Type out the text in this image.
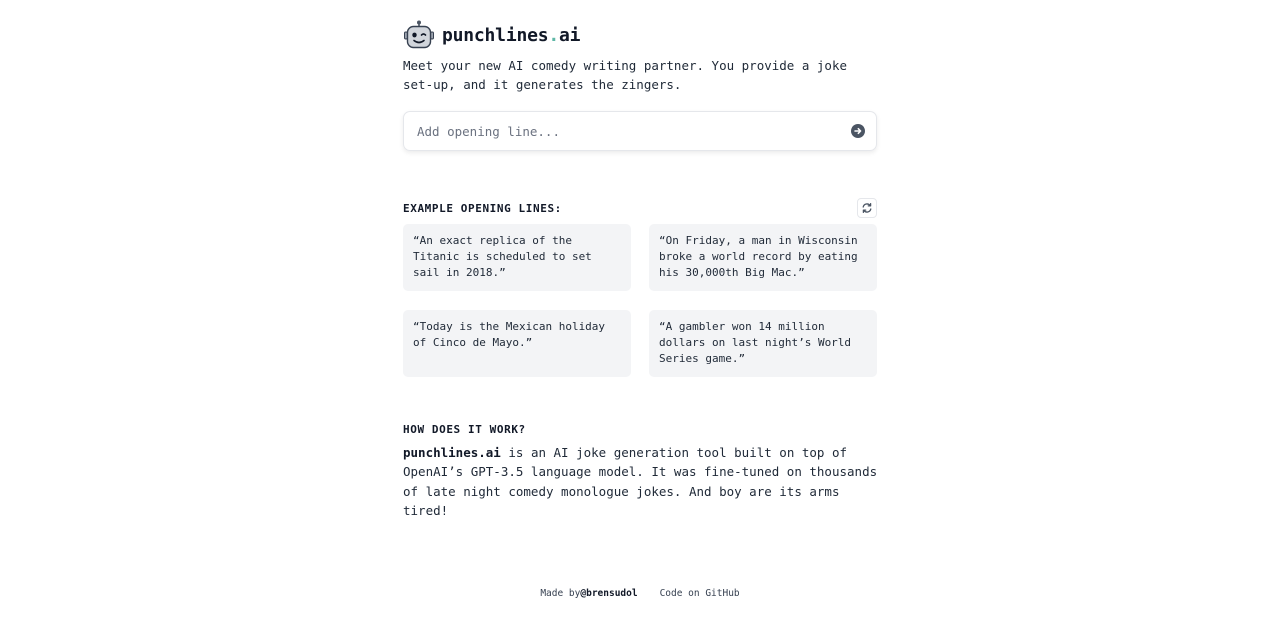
punchlines.ai

Meet your new AI comedy writing partner. You provide a joke set-up, and it generates the zingers.

Add opening line...
EXAMPLE OPENING LINES:
“An exact replica of the Titanic is scheduled to set sail in 2018.”
“On Friday, a man in Wisconsin broke a world record by eating his 30,000th Big Mac.”
“Today is the Mexican holiday of Cinco de Mayo.”
“A gambler won 14 million dollars on last night’s World Series game.”
HOW DOES IT WORK?

punchlines.ai is an AI joke generation tool built on top of OpenAI’s GPT-3.5 language model. It was fine-tuned on thousands of late night comedy monologue jokes. And boy are its arms tired!

Made by@brensudol Code on GitHub
